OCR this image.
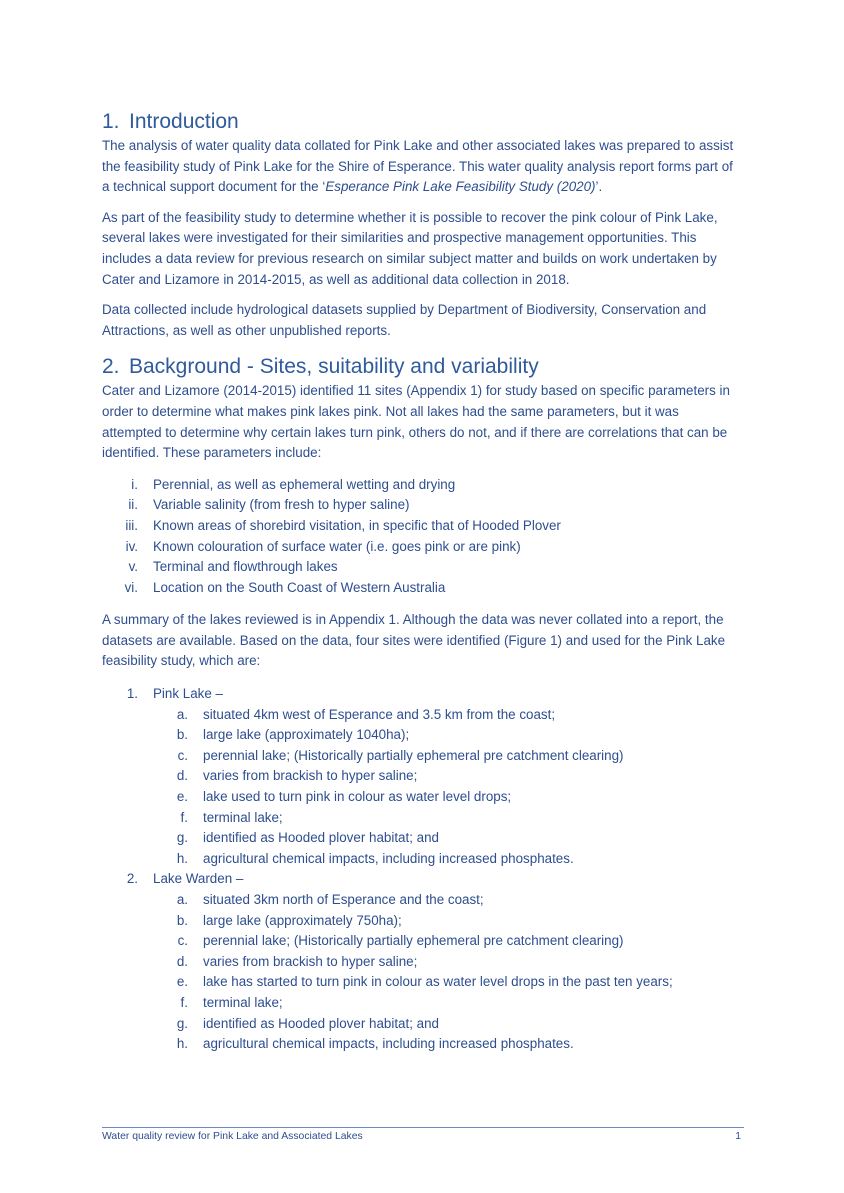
1. Introduction

The analysis of water quality data collated for Pink Lake and other associated lakes was prepared to assist the feasibility study of Pink Lake for the Shire of Esperance. This water quality analysis report forms part of a technical support document for the ‘Esperance Pink Lake Feasibility Study (2020)’.

As part of the feasibility study to determine whether it is possible to recover the pink colour of Pink Lake, several lakes were investigated for their similarities and prospective management opportunities. This includes a data review for previous research on similar subject matter and builds on work undertaken by Cater and Lizamore in 2014-2015, as well as additional data collection in 2018.

Data collected include hydrological datasets supplied by Department of Biodiversity, Conservation and Attractions, as well as other unpublished reports.

2. Background - Sites, suitability and variability

Cater and Lizamore (2014-2015) identified 11 sites (Appendix 1) for study based on specific parameters in order to determine what makes pink lakes pink. Not all lakes had the same parameters, but it was attempted to determine why certain lakes turn pink, others do not, and if there are correlations that can be identified. These parameters include:

i. Perennial, as well as ephemeral wetting and drying
ii. Variable salinity (from fresh to hyper saline)
iii. Known areas of shorebird visitation, in specific that of Hooded Plover
iv. Known colouration of surface water (i.e. goes pink or are pink)
v. Terminal and flowthrough lakes
vi. Location on the South Coast of Western Australia

A summary of the lakes reviewed is in Appendix 1. Although the data was never collated into a report, the datasets are available. Based on the data, four sites were identified (Figure 1) and used for the Pink Lake feasibility study, which are:

1. Pink Lake –
a. situated 4km west of Esperance and 3.5 km from the coast;
b. large lake (approximately 1040ha);
c. perennial lake; (Historically partially ephemeral pre catchment clearing)
d. varies from brackish to hyper saline;
e. lake used to turn pink in colour as water level drops;
f. terminal lake;
g. identified as Hooded plover habitat; and
h. agricultural chemical impacts, including increased phosphates.
2. Lake Warden –
a. situated 3km north of Esperance and the coast;
b. large lake (approximately 750ha);
c. perennial lake; (Historically partially ephemeral pre catchment clearing)
d. varies from brackish to hyper saline;
e. lake has started to turn pink in colour as water level drops in the past ten years;
f. terminal lake;
g. identified as Hooded plover habitat; and
h. agricultural chemical impacts, including increased phosphates.
Water quality review for Pink Lake and Associated Lakes	1
